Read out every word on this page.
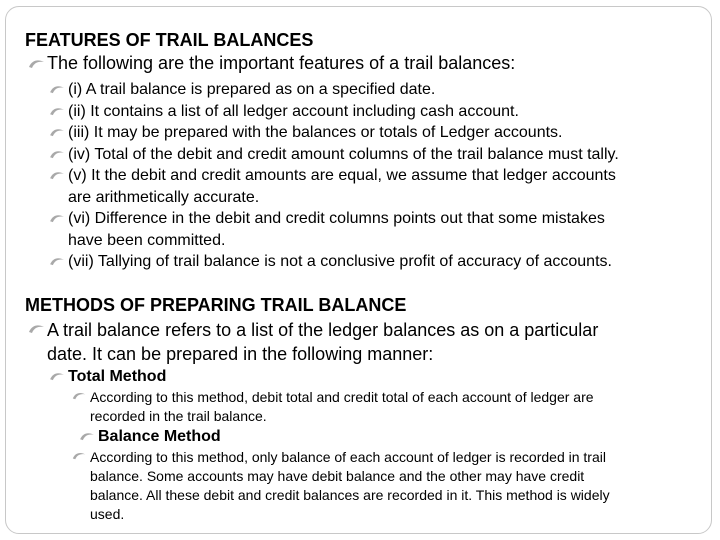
FEATURES OF TRAIL BALANCES
The following are the important features of a trail balances:
(i) A trail balance is prepared as on a specified date.
(ii) It contains a list of all ledger account including cash account.
(iii) It may be prepared with the balances or totals of Ledger accounts.
(iv) Total of the debit and credit amount columns of the trail balance must tally.
(v) It the debit and credit amounts are equal, we assume that ledger accounts
are arithmetically accurate.
(vi) Difference in the debit and credit columns points out that some mistakes
have been committed.
(vii) Tallying of trail balance is not a conclusive profit of accuracy of accounts.
METHODS OF PREPARING TRAIL BALANCE
A trail balance refers to a list of the ledger balances as on a particular
date. It can be prepared in the following manner:
Total Method
According to this method, debit total and credit total of each account of ledger are
recorded in the trail balance.
Balance Method
According to this method, only balance of each account of ledger is recorded in trail
balance. Some accounts may have debit balance and the other may have credit
balance. All these debit and credit balances are recorded in it. This method is widely
used.
